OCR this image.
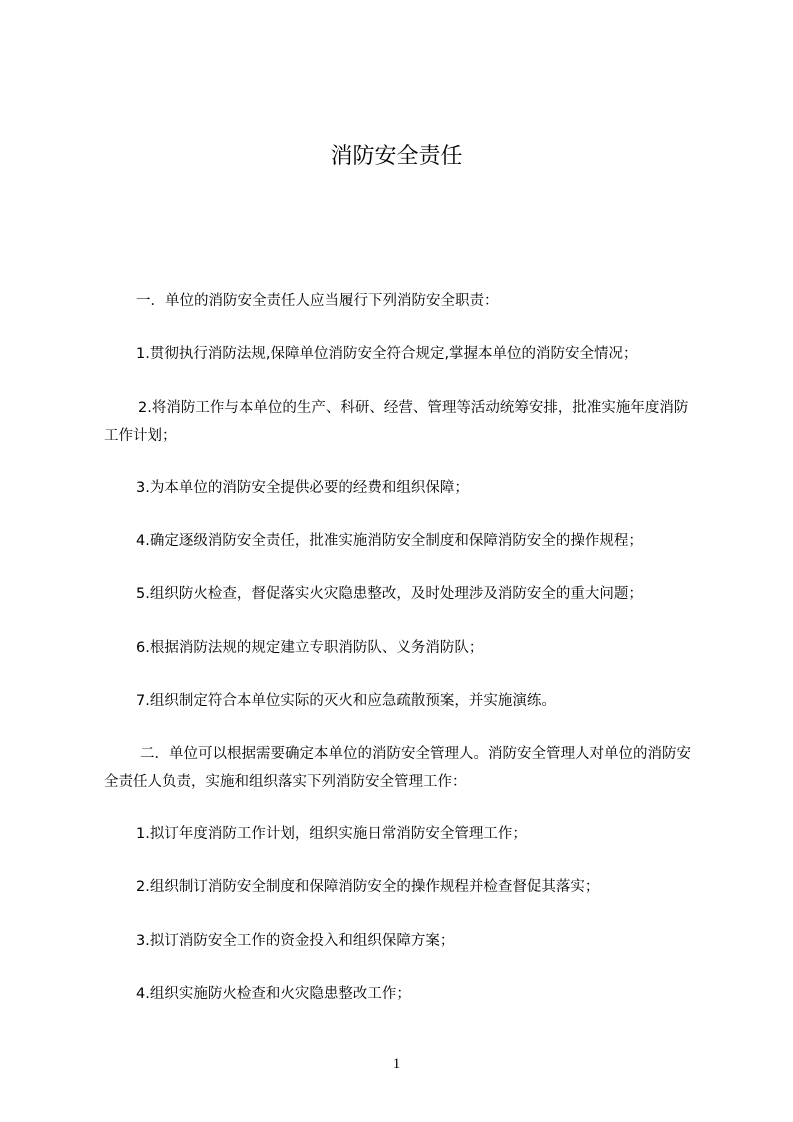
消防安全责任

一．单位的消防安全责任人应当履行下列消防安全职责：

1.贯彻执行消防法规,保障单位消防安全符合规定,掌握本单位的消防安全情况；

2.将消防工作与本单位的生产、科研、经营、管理等活动统筹安排，批准实施年度消防工作计划；

3.为本单位的消防安全提供必要的经费和组织保障；

4.确定逐级消防安全责任，批准实施消防安全制度和保障消防安全的操作规程；

5.组织防火检查，督促落实火灾隐患整改，及时处理涉及消防安全的重大问题；

6.根据消防法规的规定建立专职消防队、义务消防队；

7.组织制定符合本单位实际的灭火和应急疏散预案，并实施演练。

二．单位可以根据需要确定本单位的消防安全管理人。消防安全管理人对单位的消防安全责任人负责，实施和组织落实下列消防安全管理工作：

1.拟订年度消防工作计划，组织实施日常消防安全管理工作；

2.组织制订消防安全制度和保障消防安全的操作规程并检查督促其落实；

3.拟订消防安全工作的资金投入和组织保障方案；

4.组织实施防火检查和火灾隐患整改工作；

1
